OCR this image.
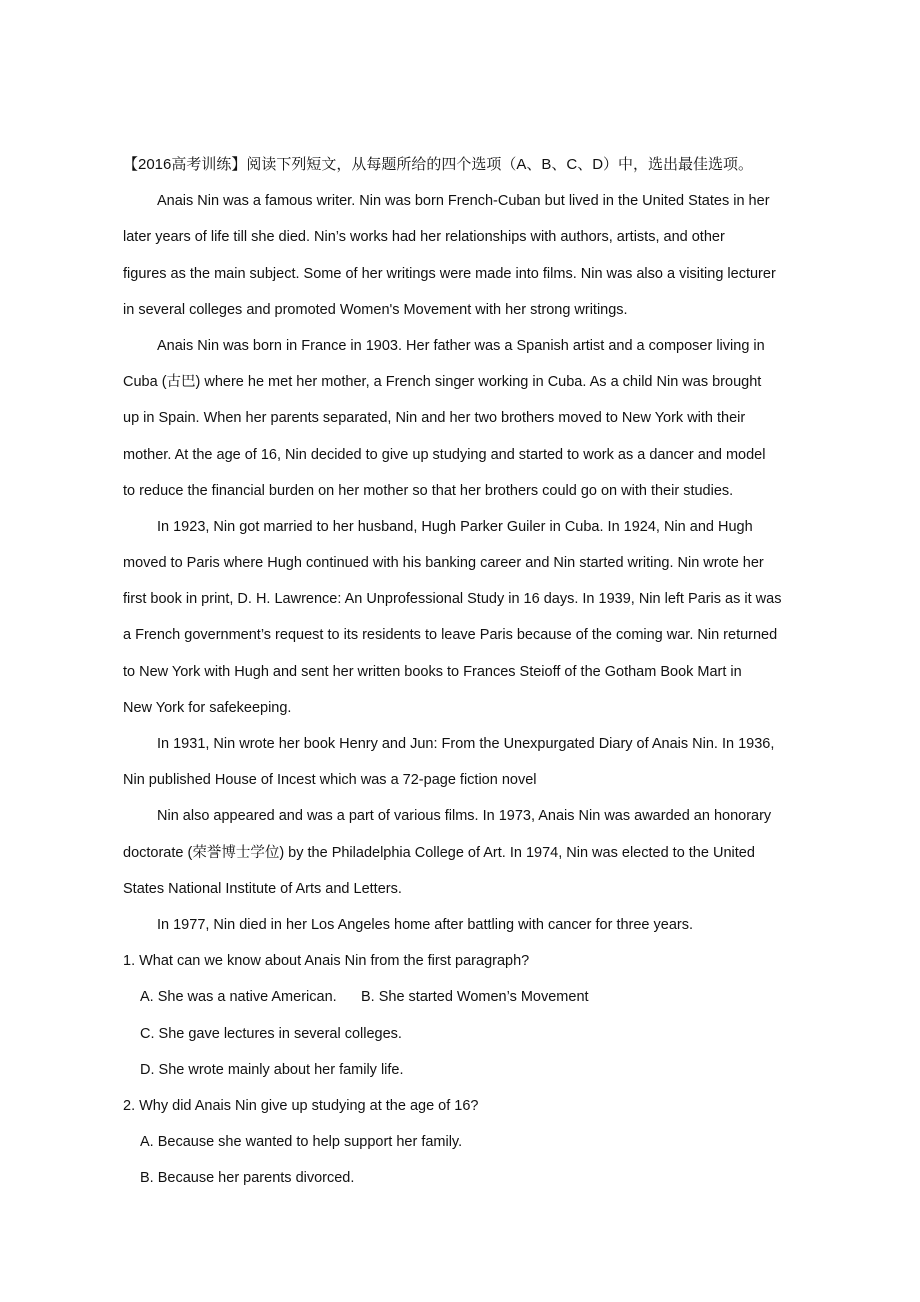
【2016高考训练】阅读下列短文，从每题所给的四个选项（A、B、C、D）中，选出最佳选项。
Anais Nin was a famous writer. Nin was born French-Cuban but lived in the United States in her
later years of life till she died. Nin’s works had her relationships with authors, artists, and other
figures as the main subject. Some of her writings were made into films. Nin was also a visiting lecturer
in several colleges and promoted Women's Movement with her strong writings.
Anais Nin was born in France in 1903. Her father was a Spanish artist and a composer living in
Cuba (古巴) where he met her mother, a French singer working in Cuba. As a child Nin was brought
up in Spain. When her parents separated, Nin and her two brothers moved to New York with their
mother. At the age of 16, Nin decided to give up studying and started to work as a dancer and model
to reduce the financial burden on her mother so that her brothers could go on with their studies.
In 1923, Nin got married to her husband, Hugh Parker Guiler in Cuba. In 1924, Nin and Hugh
moved to Paris where Hugh continued with his banking career and Nin started writing. Nin wrote her
first book in print, D. H. Lawrence: An Unprofessional Study in 16 days. In 1939, Nin left Paris as it was
a French government’s request to its residents to leave Paris because of the coming war. Nin returned
to New York with Hugh and sent her written books to Frances Steioff of the Gotham Book Mart in
New York for safekeeping.
In 1931, Nin wrote her book Henry and Jun: From the Unexpurgated Diary of Anais Nin. In 1936,
Nin published House of Incest which was a 72-page fiction novel
Nin also appeared and was a part of various films. In 1973, Anais Nin was awarded an honorary
doctorate (荣誉博士学位) by the Philadelphia College of Art. In 1974, Nin was elected to the United
States National Institute of Arts and Letters.
In 1977, Nin died in her Los Angeles home after battling with cancer for three years.
1. What can we know about Anais Nin from the first paragraph?
A. She was a native American. B. She started Women’s Movement
C. She gave lectures in several colleges.
D. She wrote mainly about her family life.
2. Why did Anais Nin give up studying at the age of 16?
A. Because she wanted to help support her family.
B. Because her parents divorced.
